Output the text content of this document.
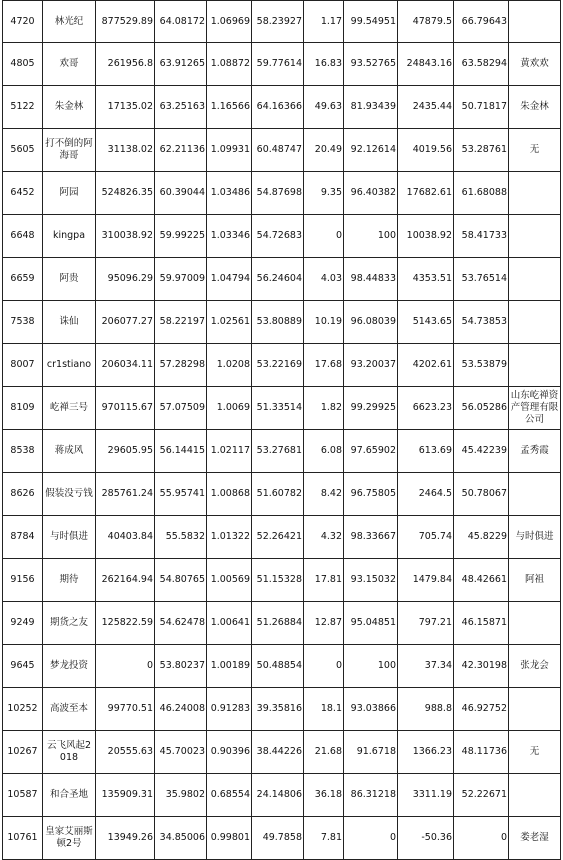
4720	林光纪	877529.89	64.08172	1.06969	58.23927	1.17	99.54951	47879.5	66.79643	
4805	欢哥	261956.8	63.91265	1.08872	59.77614	16.83	93.52765	24843.16	63.58294	黄欢欢
5122	朱金林	17135.02	63.25163	1.16566	64.16366	49.63	81.93439	2435.44	50.71817	朱金林
5605	打不倒的阿海哥	31138.02	62.21136	1.09931	60.48747	20.49	92.12614	4019.56	53.28761	无
6452	阿园	524826.35	60.39044	1.03486	54.87698	9.35	96.40382	17682.61	61.68088	
6648	kingpa	310038.92	59.99225	1.03346	54.72683	0	100	10038.92	58.41733	
6659	阿贵	95096.29	59.97009	1.04794	56.24604	4.03	98.44833	4353.51	53.76514	
7538	诛仙	206077.27	58.22197	1.02561	53.80889	10.19	96.08039	5143.65	54.73853	
8007	cr1stiano	206034.11	57.28298	1.0208	53.22169	17.68	93.20037	4202.61	53.53879	
8109	屹禅三号	970115.67	57.07509	1.0069	51.33514	1.82	99.29925	6623.23	56.05286	山东屹禅资产管理有限公司
8538	蒋成风	29605.95	56.14415	1.02117	53.27681	6.08	97.65902	613.69	45.42239	孟秀霞
8626	假装没亏钱	285761.24	55.95741	1.00868	51.60782	8.42	96.75805	2464.5	50.78067	
8784	与时俱进	40403.84	55.5832	1.01322	52.26421	4.32	98.33667	705.74	45.8229	与时俱进
9156	期待	262164.94	54.80765	1.00569	51.15328	17.81	93.15032	1479.84	48.42661	阿祖
9249	期货之友	125822.59	54.62478	1.00641	51.26884	12.87	95.04851	797.21	46.15871	
9645	梦龙投资	0	53.80237	1.00189	50.48854	0	100	37.34	42.30198	张龙会
10252	高波至本	99770.51	46.24008	0.91283	39.35816	18.1	93.03866	988.8	46.92752	
10267	云飞风起2018	20555.63	45.70023	0.90396	38.44226	21.68	91.6718	1366.23	48.11736	无
10587	和合圣地	135909.31	35.9802	0.68554	24.14806	36.18	86.31218	3311.19	52.22671	
10761	皇家艾丽斯顿2号	13949.26	34.85006	0.99801	49.7858	7.81	0	-50.36	0	娄老湿
